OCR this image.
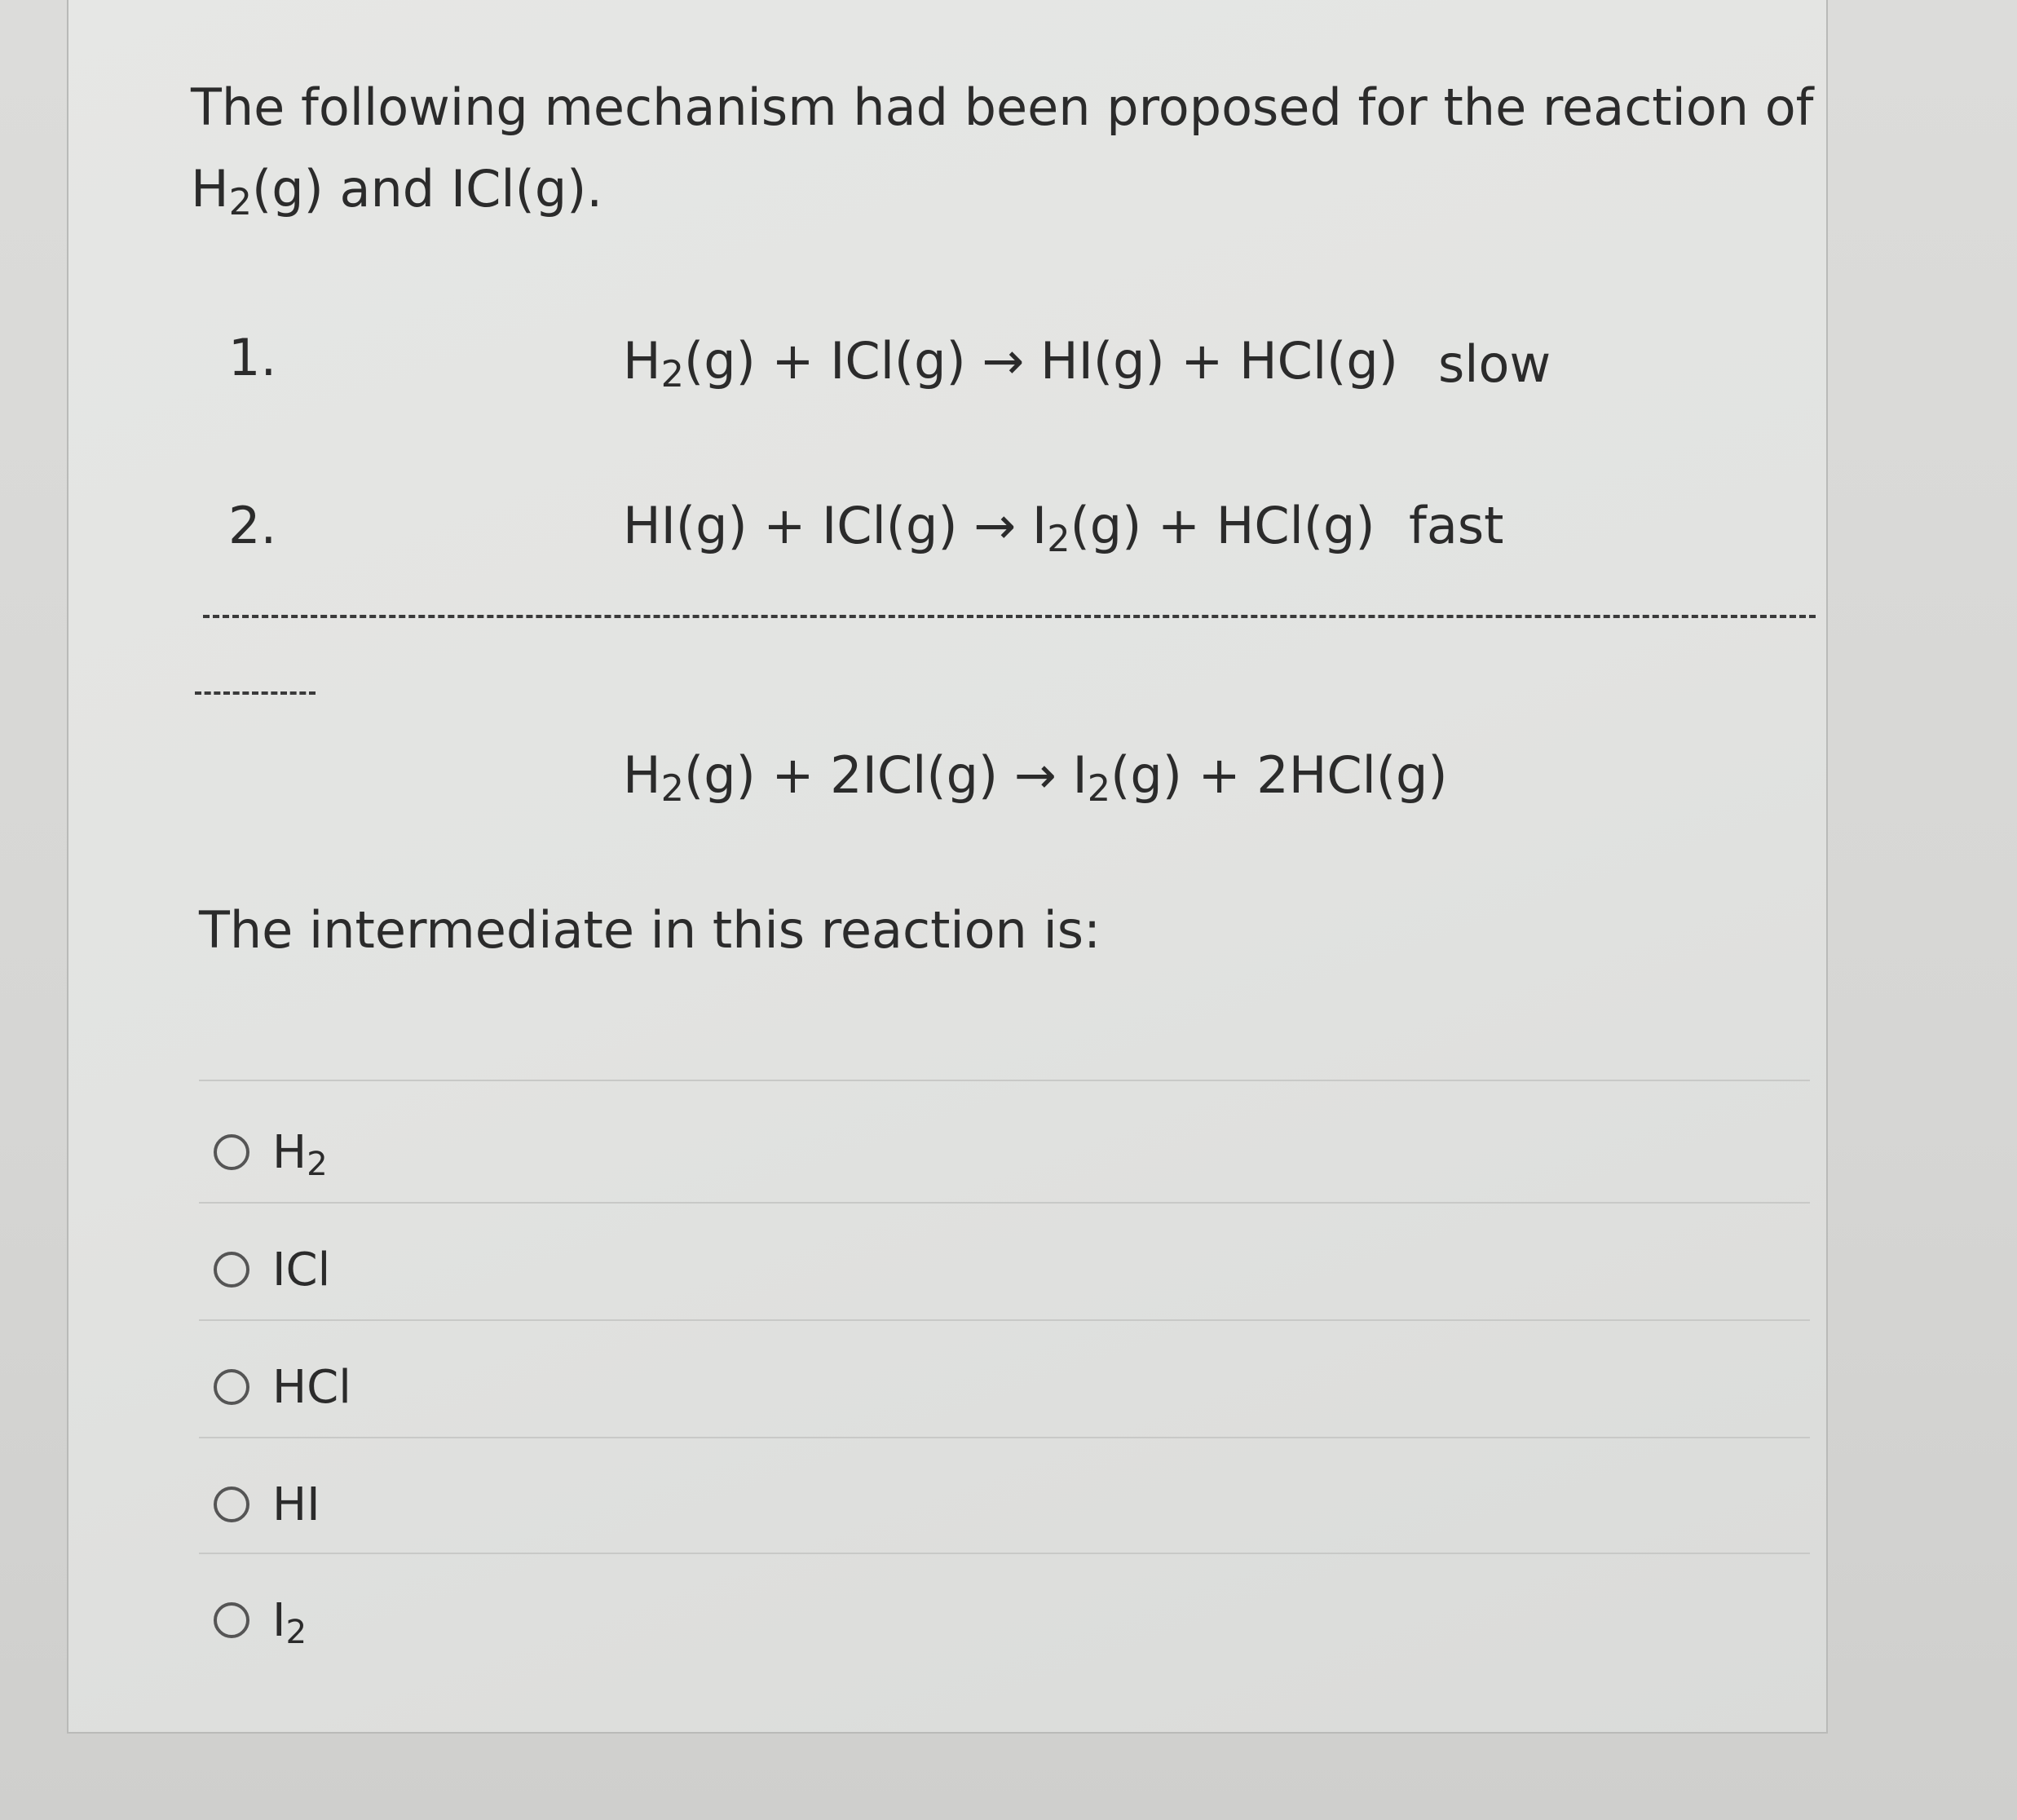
The following mechanism had been proposed for the reaction of
$H_2(g)$ and ICl(g).

1.	$H_2(g) + ICl(g) \to HI(g) + HCl(g)$ slow
2.	$HI(g) + ICl(g) \to I_2(g) + HCl(g)$ fast
$H_2(g) + 2ICl(g) \to I_2(g) + 2HCl(g)$

The intermediate in this reaction is:

$H_2$
ICl
HCl
HI
$I_2$
